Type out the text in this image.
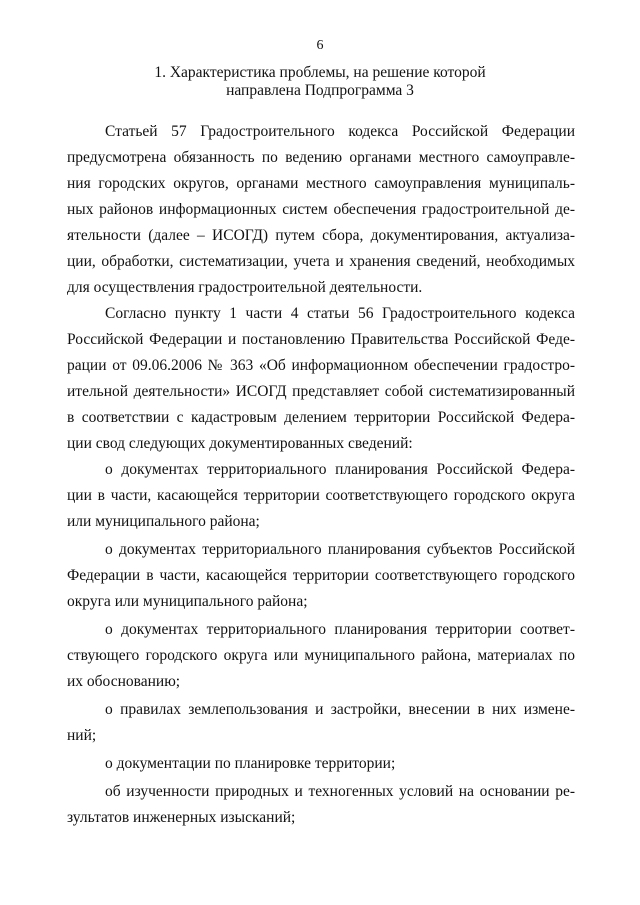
6
1. Характеристика проблемы, на решение которой
направлена Подпрограмма 3
Статьей 57 Градостроительного кодекса Российской Федерации
предусмотрена обязанность по ведению органами местного самоуправле-
ния городских округов, органами местного самоуправления муниципаль-
ных районов информационных систем обеспечения градостроительной де-
ятельности (далее – ИСОГД) путем сбора, документирования, актуализа-
ции, обработки, систематизации, учета и хранения сведений, необходимых
для осуществления градостроительной деятельности.
Согласно пункту 1 части 4 статьи 56 Градостроительного кодекса
Российской Федерации и постановлению Правительства Российской Феде-
рации от 09.06.2006 № 363 «Об информационном обеспечении градостро-
ительной деятельности» ИСОГД представляет собой систематизированный
в соответствии с кадастровым делением территории Российской Федера-
ции свод следующих документированных сведений:
о документах территориального планирования Российской Федера-
ции в части, касающейся территории соответствующего городского округа
или муниципального района;
о документах территориального планирования субъектов Российской
Федерации в части, касающейся территории соответствующего городского
округа или муниципального района;
о документах территориального планирования территории соответ-
ствующего городского округа или муниципального района, материалах по
их обоснованию;
о правилах землепользования и застройки, внесении в них измене-
ний;
о документации по планировке территории;
об изученности природных и техногенных условий на основании ре-
зультатов инженерных изысканий;
